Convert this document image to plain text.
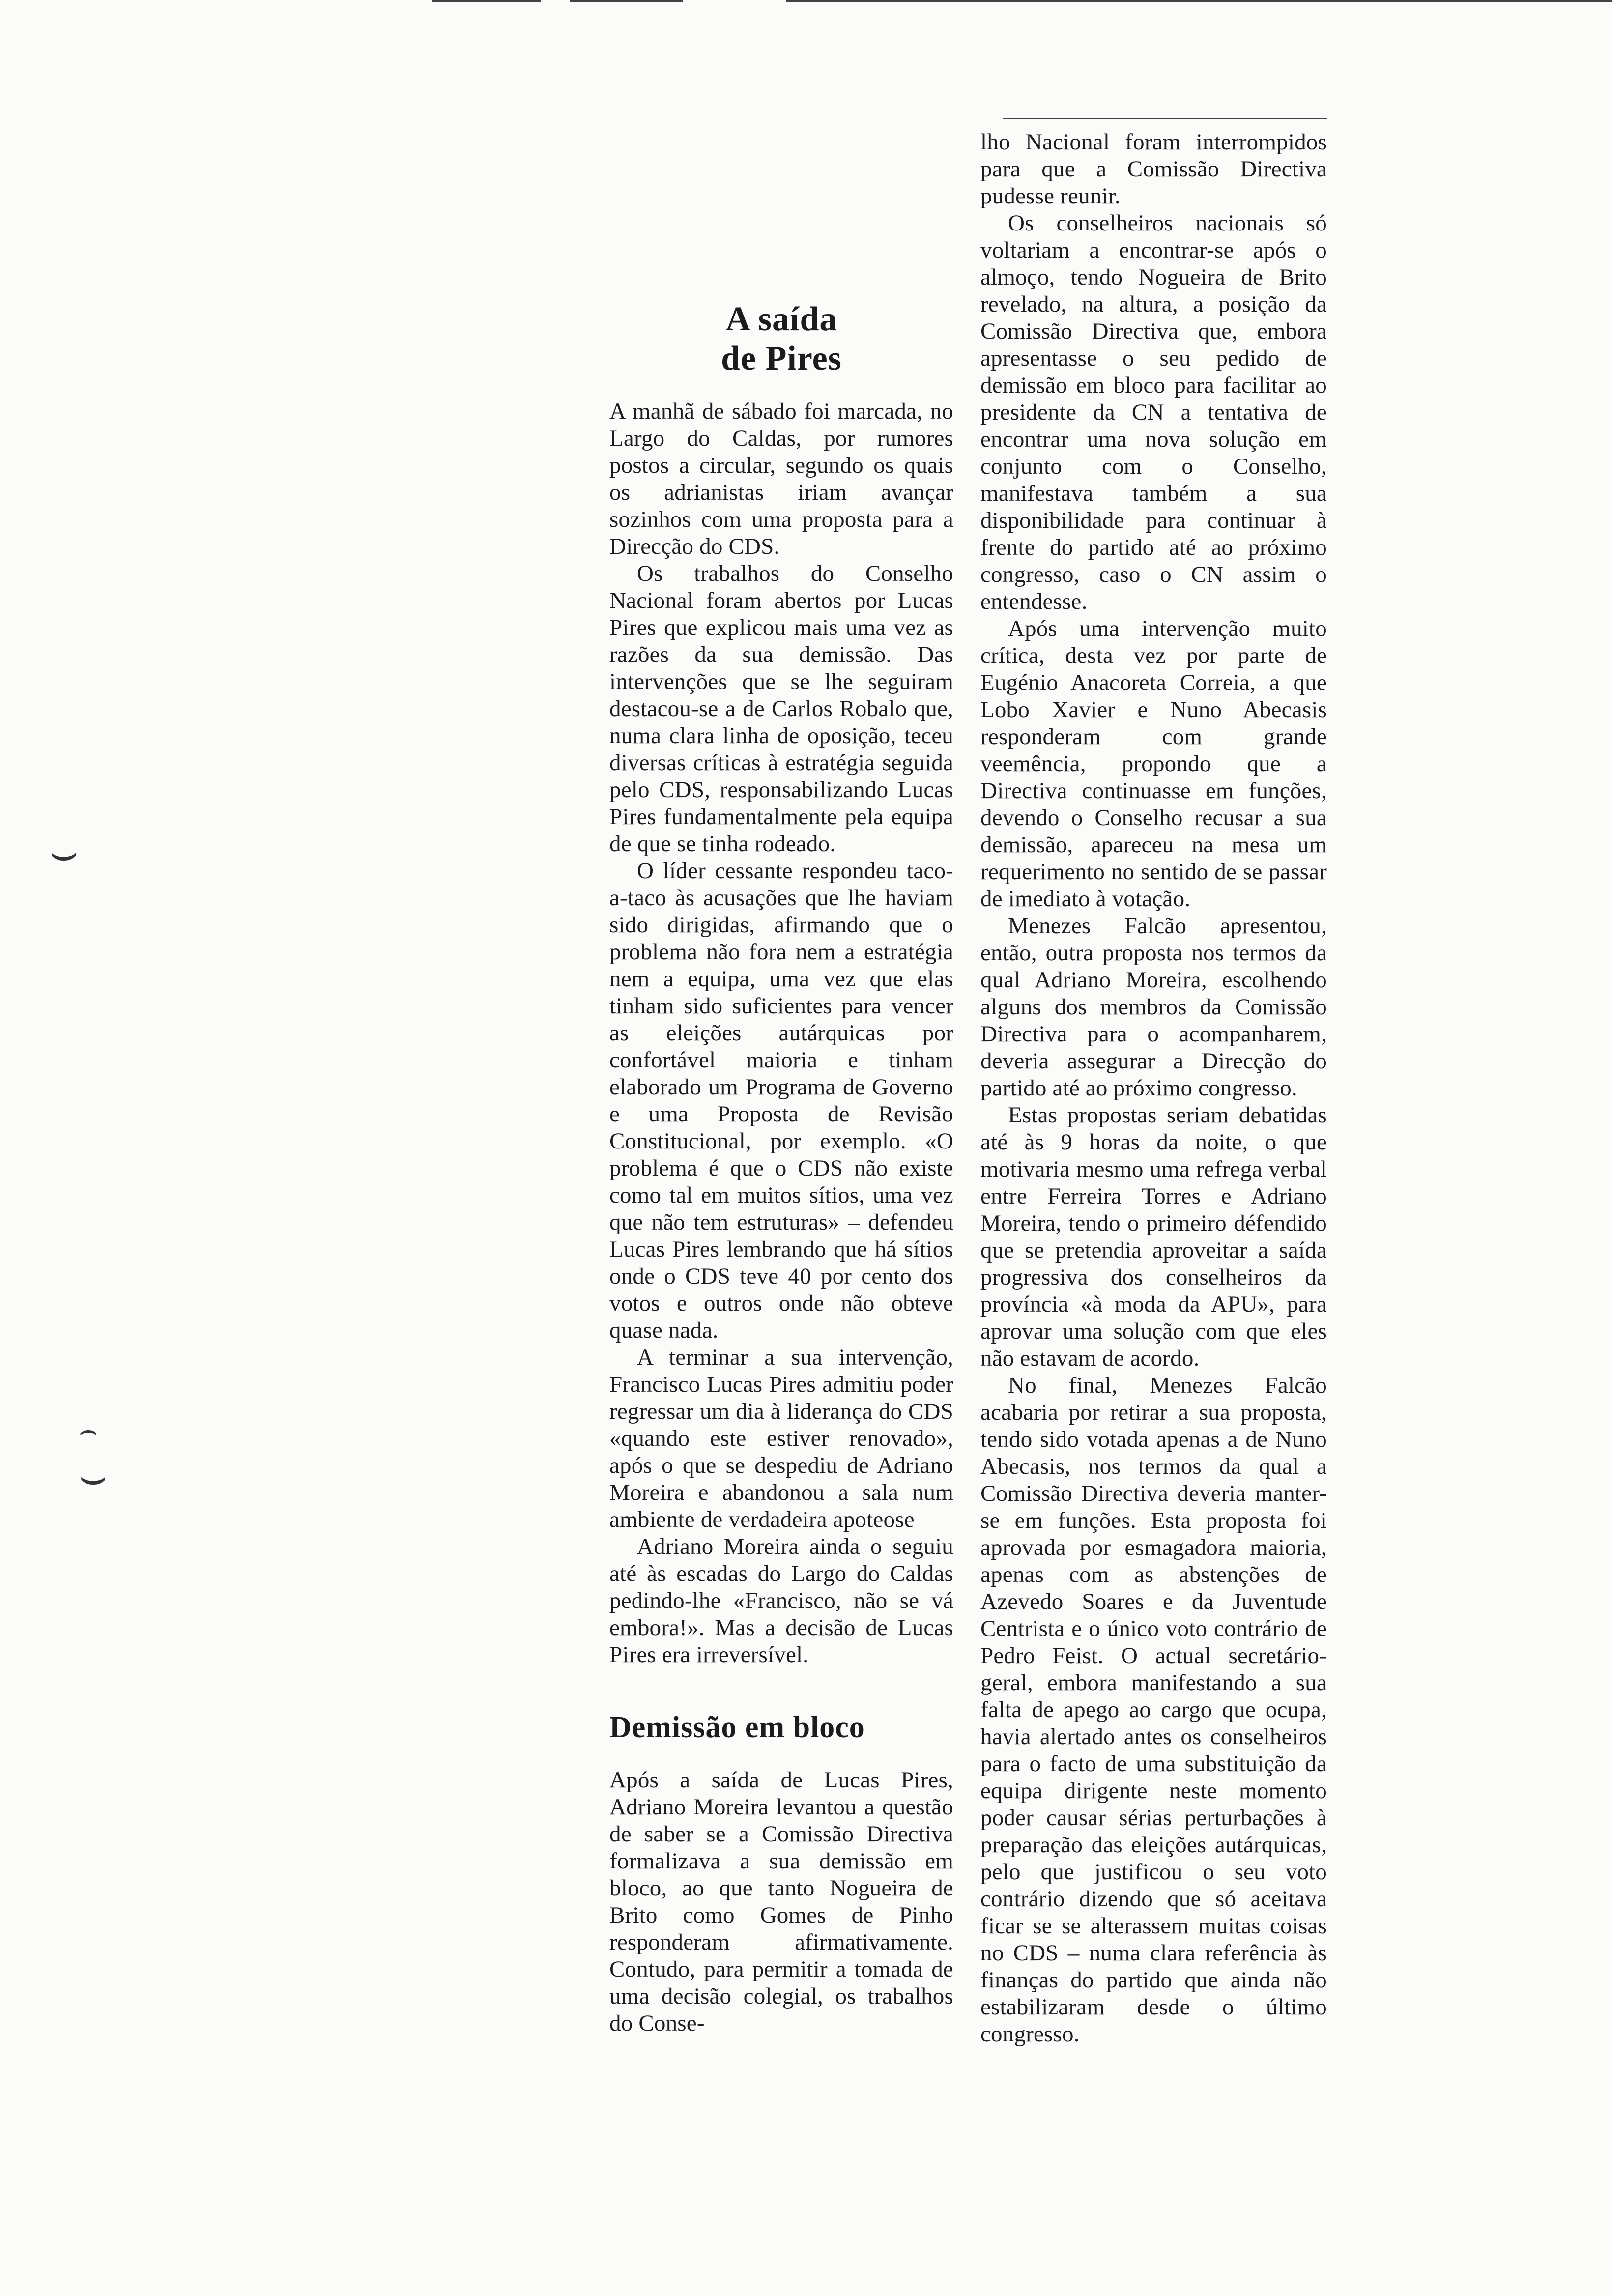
⌣
⌢
⌣
A saída
de Pires

A manhã de sábado foi marcada, no Largo do Caldas, por rumores postos a circular, segundo os quais os adrianistas iriam avançar sozinhos com uma proposta para a Direcção do CDS.

Os trabalhos do Conselho Nacional foram abertos por Lucas Pires que explicou mais uma vez as razões da sua demissão. Das intervenções que se lhe seguiram destacou-se a de Carlos Robalo que, numa clara linha de oposição, teceu diversas críticas à estratégia seguida pelo CDS, responsabilizando Lucas Pires fundamentalmente pela equipa de que se tinha rodeado.

O líder cessante respondeu taco-a-taco às acusações que lhe haviam sido dirigidas, afirmando que o problema não fora nem a estratégia nem a equipa, uma vez que elas tinham sido suficientes para vencer as eleições autárquicas por confortável maioria e tinham elaborado um Programa de Governo e uma Proposta de Revisão Constitucional, por exemplo. «O problema é que o CDS não existe como tal em muitos sítios, uma vez que não tem estruturas» – defendeu Lucas Pires lembrando que há sítios onde o CDS teve 40 por cento dos votos e outros onde não obteve quase nada.

A terminar a sua intervenção, Francisco Lucas Pires admitiu poder regressar um dia à liderança do CDS «quando este estiver renovado», após o que se despediu de Adriano Moreira e abandonou a sala num ambiente de verdadeira apoteose

Adriano Moreira ainda o seguiu até às escadas do Largo do Caldas pedindo-lhe «Francisco, não se vá embora!». Mas a decisão de Lucas Pires era irreversível.

Demissão em bloco

Após a saída de Lucas Pires, Adriano Moreira levantou a questão de saber se a Comissão Directiva formalizava a sua demissão em bloco, ao que tanto Nogueira de Brito como Gomes de Pinho responderam afirmativamente. Contudo, para permitir a tomada de uma decisão colegial, os trabalhos do Conse-

lho Nacional foram interrompidos para que a Comissão Directiva pudesse reunir.

Os conselheiros nacionais só voltariam a encontrar-se após o almoço, tendo Nogueira de Brito revelado, na altura, a posição da Comissão Directiva que, embora apresentasse o seu pedido de demissão em bloco para facilitar ao presidente da CN a tentativa de encontrar uma nova solução em conjunto com o Conselho, manifestava também a sua disponibilidade para continuar à frente do partido até ao próximo congresso, caso o CN assim o entendesse.

Após uma intervenção muito crítica, desta vez por parte de Eugénio Anacoreta Correia, a que Lobo Xavier e Nuno Abecasis responderam com grande veemência, propondo que a Directiva continuasse em funções, devendo o Conselho recusar a sua demissão, apareceu na mesa um requerimento no sentido de se passar de imediato à votação.

Menezes Falcão apresentou, então, outra proposta nos termos da qual Adriano Moreira, escolhendo alguns dos membros da Comissão Directiva para o acompanharem, deveria assegurar a Direcção do partido até ao próximo congresso.

Estas propostas seriam debatidas até às 9 horas da noite, o que motivaria mesmo uma refrega verbal entre Ferreira Torres e Adriano Moreira, tendo o primeiro défendido que se pretendia aproveitar a saída progressiva dos conselheiros da província «à moda da APU», para aprovar uma solução com que eles não estavam de acordo.

No final, Menezes Falcão acabaria por retirar a sua proposta, tendo sido votada apenas a de Nuno Abecasis, nos termos da qual a Comissão Directiva deveria manter-se em funções. Esta proposta foi aprovada por esmagadora maioria, apenas com as abstenções de Azevedo Soares e da Juventude Centrista e o único voto contrário de Pedro Feist. O actual secretário-geral, embora manifestando a sua falta de apego ao cargo que ocupa, havia alertado antes os conselheiros para o facto de uma substituição da equipa dirigente neste momento poder causar sérias perturbações à preparação das eleições autárquicas, pelo que justificou o seu voto contrário dizendo que só aceitava ficar se se alterassem muitas coisas no CDS – numa clara referência às finanças do partido que ainda não estabilizaram desde o último congresso.
